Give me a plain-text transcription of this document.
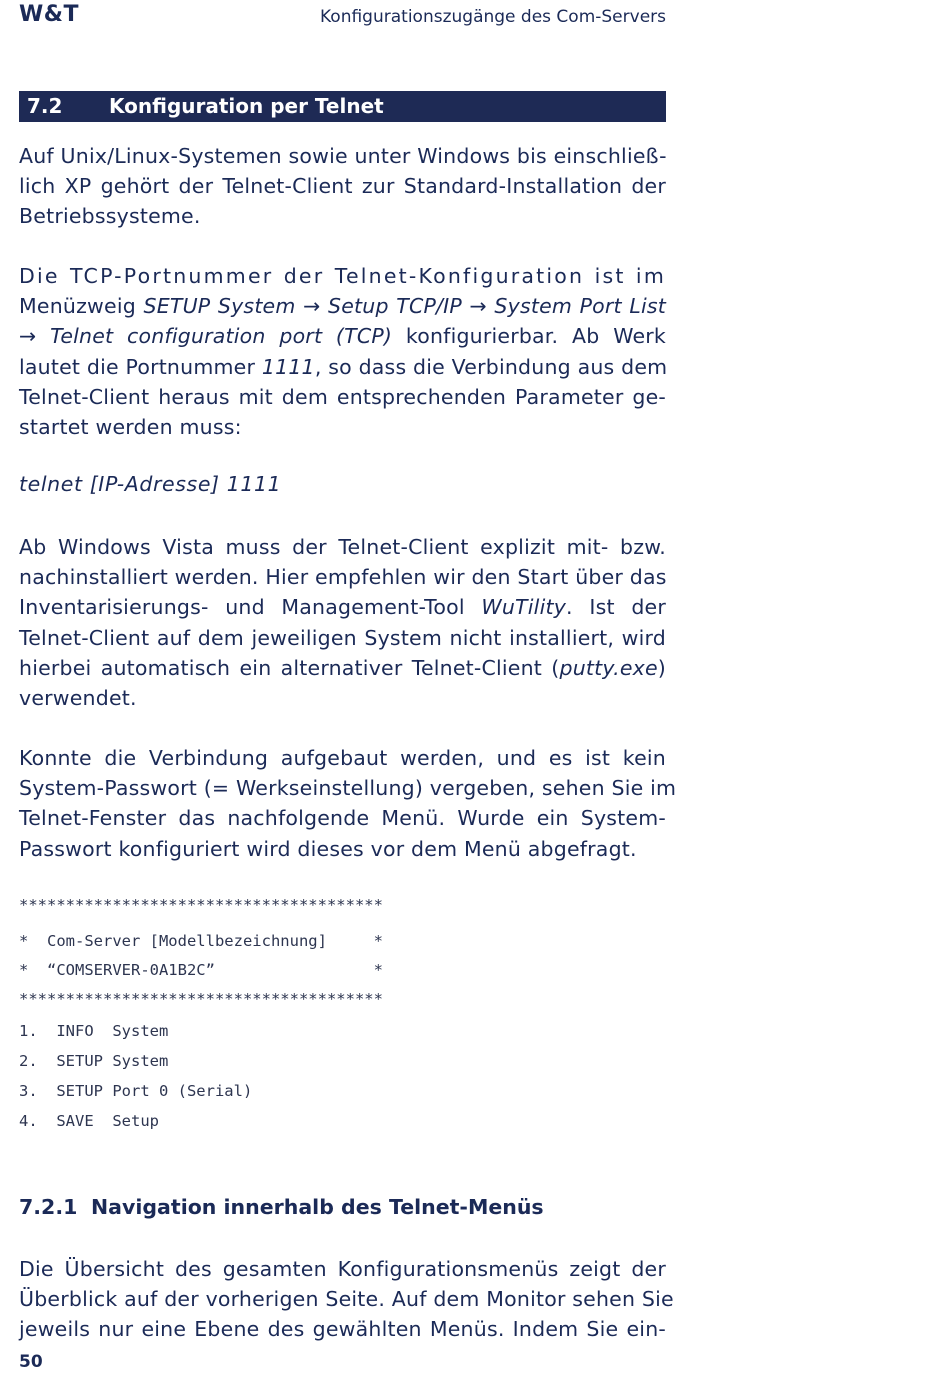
W&T	Konfigurationszugänge des Com-Servers
7.2 Konfiguration per Telnet
Auf Unix/Linux-Systemen sowie unter Windows bis einschließ-
lich XP gehört der Telnet-Client zur Standard-Installation der
Betriebssysteme.
Die TCP-Portnummer der Telnet-Konfiguration ist im
Menüzweig SETUP System → Setup TCP/IP → System Port List
→ Telnet configuration port (TCP) konfigurierbar. Ab Werk
lautet die Portnummer 1111, so dass die Verbindung aus dem
Telnet-Client heraus mit dem entsprechenden Parameter ge-
startet werden muss:
telnet [IP-Adresse] 1111
Ab Windows Vista muss der Telnet-Client explizit mit- bzw.
nachinstalliert werden. Hier empfehlen wir den Start über das
Inventarisierungs- und Management-Tool WuTility. Ist der
Telnet-Client auf dem jeweiligen System nicht installiert, wird
hierbei automatisch ein alternativer Telnet-Client (putty.exe)
verwendet.
Konnte die Verbindung aufgebaut werden, und es ist kein
System-Passwort (= Werkseinstellung) vergeben, sehen Sie im
Telnet-Fenster das nachfolgende Menü. Wurde ein System-
Passwort konfiguriert wird dieses vor dem Menü abgefragt.
***************************************
*  Com-Server [Modellbezeichnung]     *
*  “COMSERVER-0A1B2C”                 *
***************************************
1.  INFO  System
2.  SETUP System
3.  SETUP Port 0 (Serial)
4.  SAVE  Setup
7.2.1 Navigation innerhalb des Telnet-Menüs
Die Übersicht des gesamten Konfigurationsmenüs zeigt der
Überblick auf der vorherigen Seite. Auf dem Monitor sehen Sie
jeweils nur eine Ebene des gewählten Menüs. Indem Sie ein-
50
